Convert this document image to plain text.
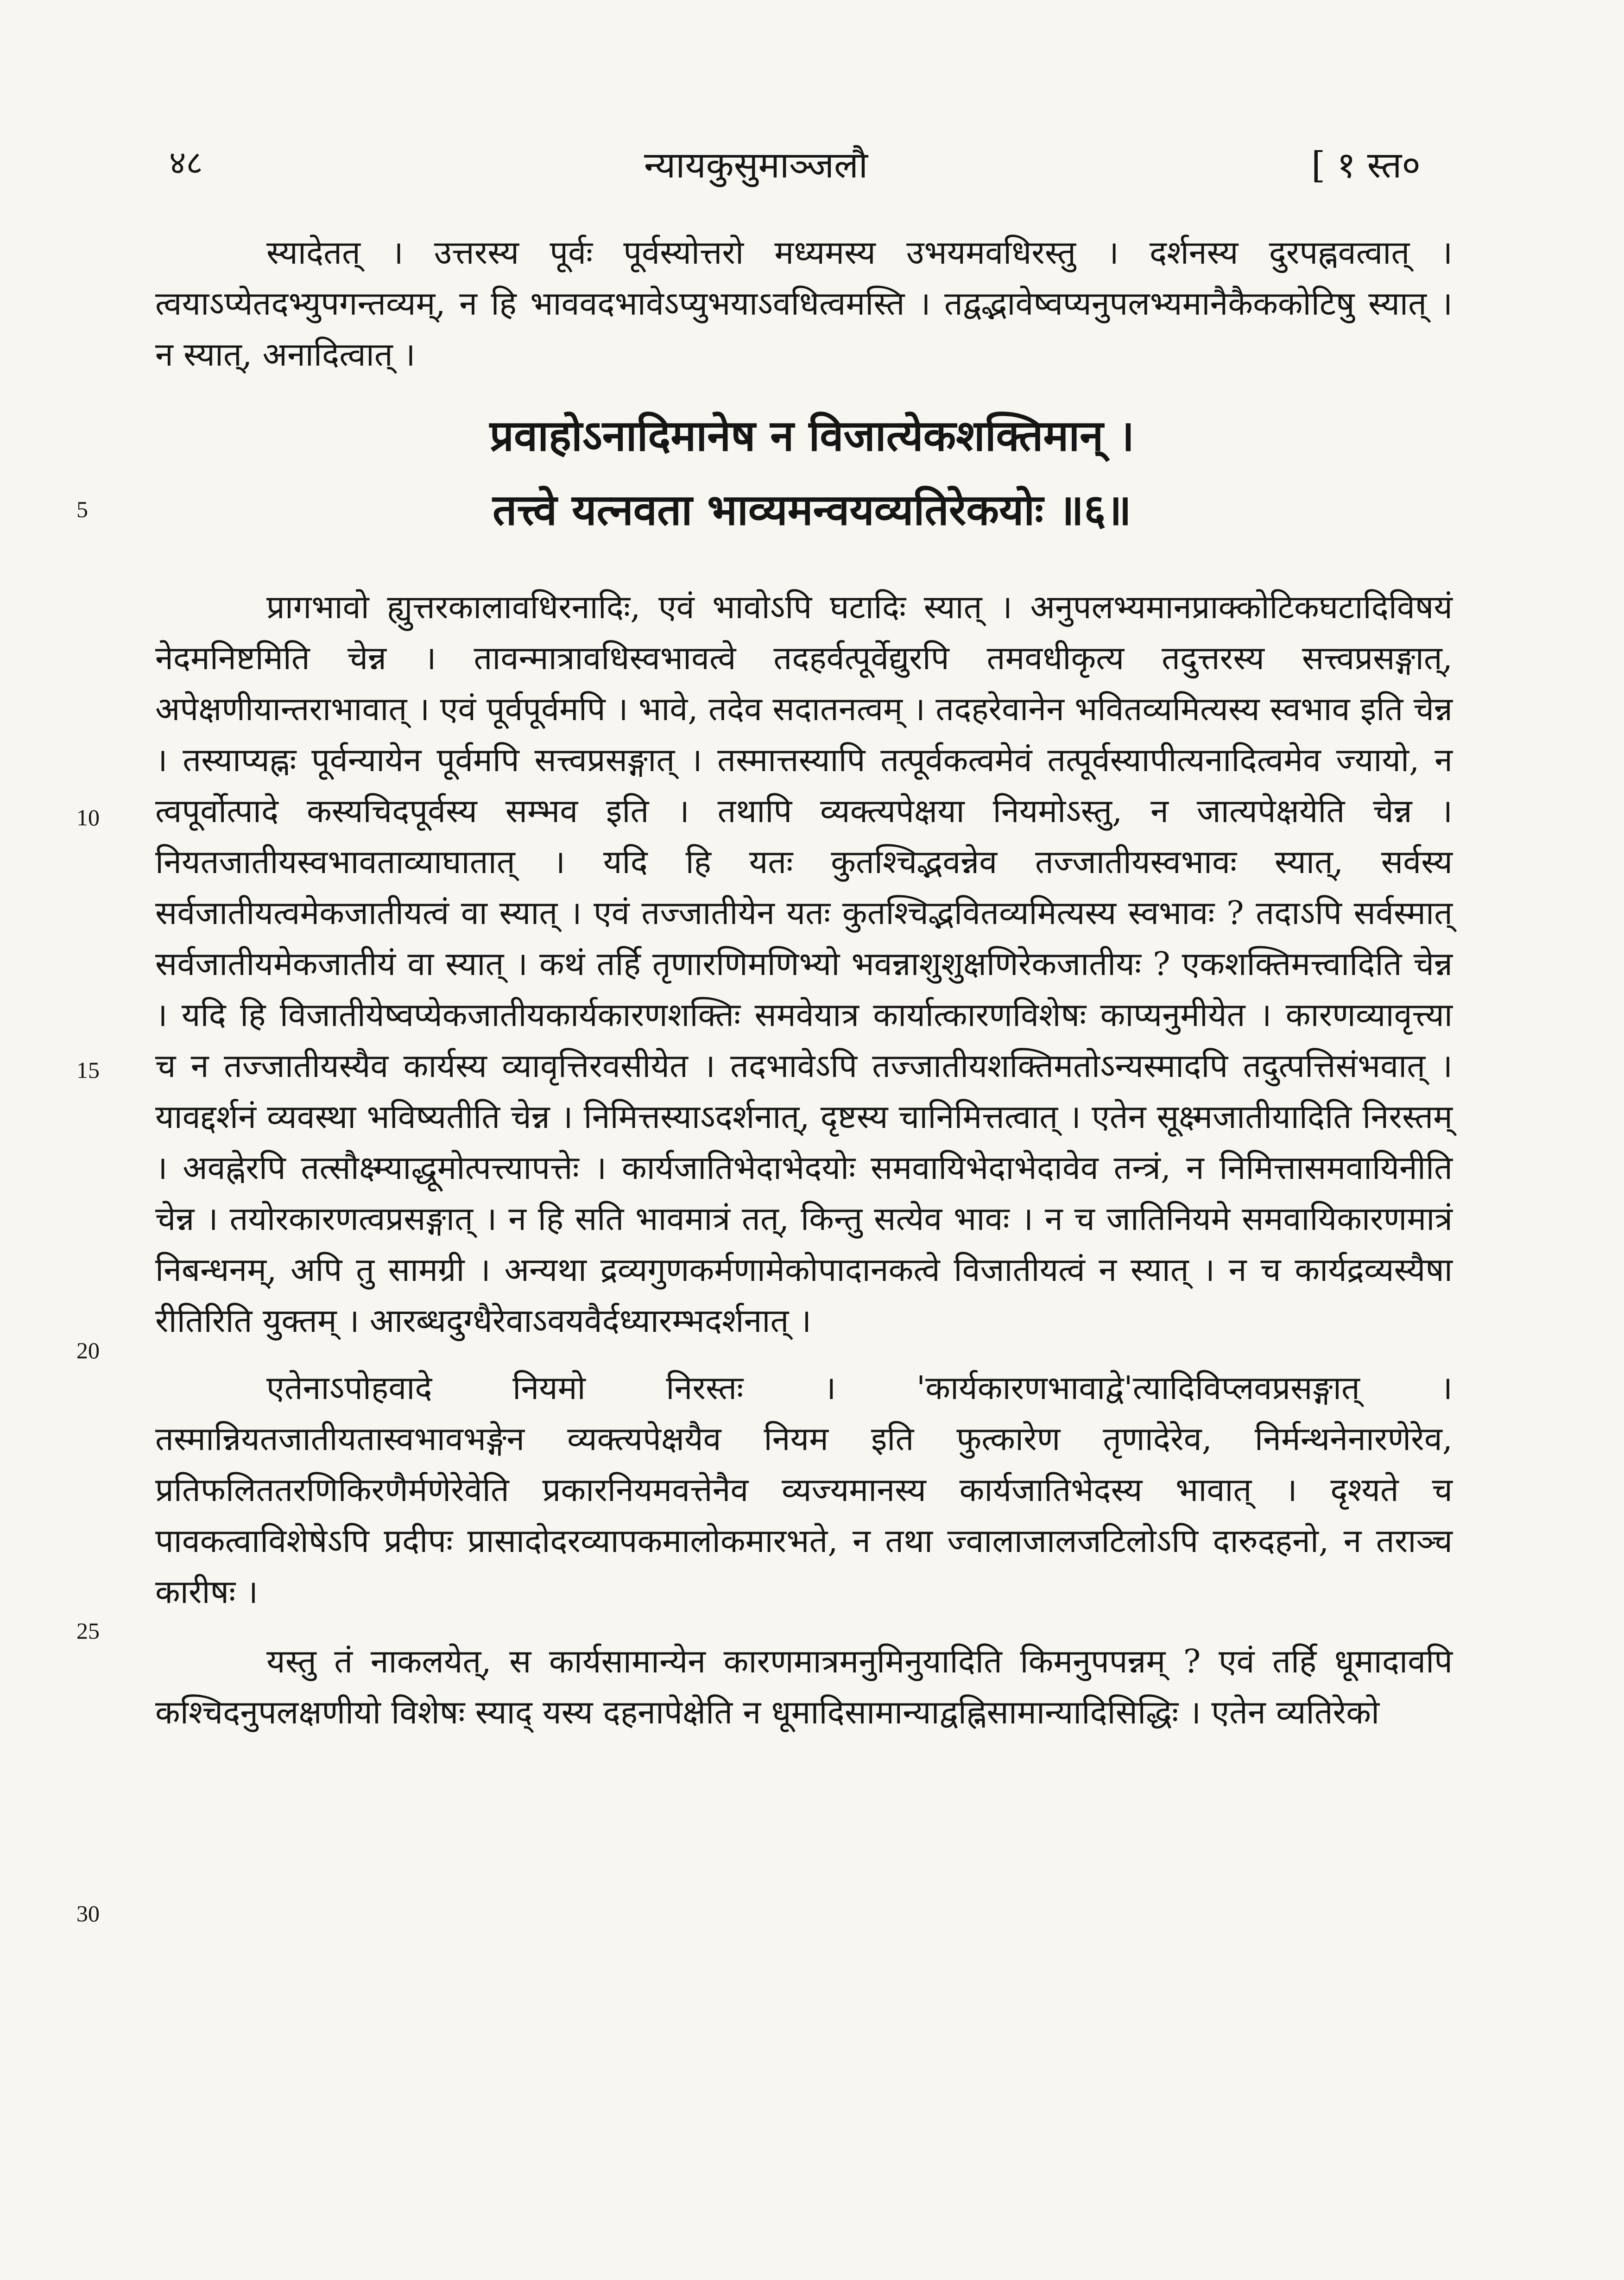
४८	न्यायकुसुमाञ्जलौ	[ १ स्त०

स्यादेतत् । उत्तरस्य पूर्वः पूर्वस्योत्तरो मध्यमस्य उभयमवधिरस्तु । दर्शनस्य दुरपह्नवत्वात् । त्वयाऽप्येतदभ्युपगन्तव्यम्, न हि भाववदभावेऽप्युभयाऽवधित्वमस्ति । तद्वद्भावेष्वप्यनुपलभ्यमानैकैककोटिषु स्यात् । न स्यात्, अनादित्वात् ।

प्रवाहोऽनादिमानेष न विजात्येकशक्तिमान् ।
तत्त्वे यत्नवता भाव्यमन्वयव्यतिरेकयोः ॥६॥

प्रागभावो ह्युत्तरकालावधिरनादिः, एवं भावोऽपि घटादिः स्यात् । अनुपलभ्यमानप्राक्कोटिकघटादिविषयं नेदमनिष्टमिति चेन्न । तावन्मात्रावधिस्वभावत्वे तदहर्वत्पूर्वेद्युरपि तमवधीकृत्य तदुत्तरस्य सत्त्वप्रसङ्गात्, अपेक्षणीयान्तराभावात् । एवं पूर्वपूर्वमपि । भावे, तदेव सदातनत्वम् । तदहरेवानेन भवितव्यमित्यस्य स्वभाव इति चेन्न । तस्याप्यह्नः पूर्वन्यायेन पूर्वमपि सत्त्वप्रसङ्गात् । तस्मात्तस्यापि तत्पूर्वकत्वमेवं तत्पूर्वस्यापीत्यनादित्वमेव ज्यायो, न त्वपूर्वोत्पादे कस्यचिदपूर्वस्य सम्भव इति । तथापि व्यक्त्यपेक्षया नियमोऽस्तु, न जात्यपेक्षयेति चेन्न । नियतजातीयस्वभावताव्याघातात् । यदि हि यतः कुतश्चिद्भवन्नेव तज्जातीयस्वभावः स्यात्, सर्वस्य सर्वजातीयत्वमेकजातीयत्वं वा स्यात् । एवं तज्जातीयेन यतः कुतश्चिद्भवितव्यमित्यस्य स्वभावः ? तदाऽपि सर्वस्मात् सर्वजातीयमेकजातीयं वा स्यात् । कथं तर्हि तृणारणिमणिभ्यो भवन्नाशुशुक्षणिरेकजातीयः ? एकशक्तिमत्त्वादिति चेन्न । यदि हि विजातीयेष्वप्येकजातीयकार्यकारणशक्तिः समवेयात्र कार्यात्कारणविशेषः काप्यनुमीयेत । कारणव्यावृत्त्या च न तज्जातीयस्यैव कार्यस्य व्यावृत्तिरवसीयेत । तदभावेऽपि तज्जातीयशक्तिमतोऽन्यस्मादपि तदुत्पत्तिसंभवात् । यावद्दर्शनं व्यवस्था भविष्यतीति चेन्न । निमित्तस्याऽदर्शनात्, दृष्टस्य चानिमित्तत्वात् । एतेन सूक्ष्मजातीयादिति निरस्तम् । अवह्नेरपि तत्सौक्ष्म्याद्धूमोत्पत्त्यापत्तेः । कार्यजातिभेदाभेदयोः समवायिभेदाभेदावेव तन्त्रं, न निमित्तासमवायिनीति चेन्न । तयोरकारणत्वप्रसङ्गात् । न हि सति भावमात्रं तत्, किन्तु सत्येव भावः । न च जातिनियमे समवायिकारणमात्रं निबन्धनम्, अपि तु सामग्री । अन्यथा द्रव्यगुणकर्मणामेकोपादानकत्वे विजातीयत्वं न स्यात् । न च कार्यद्रव्यस्यैषा रीतिरिति युक्तम् । आरब्धदुग्धैरेवाऽवयवैर्दध्यारम्भदर्शनात् ।

एतेनाऽपोहवादे नियमो निरस्तः । 'कार्यकारणभावाद्वे'त्यादिविप्लवप्रसङ्गात् । तस्मान्नियतजातीयतास्वभावभङ्गेन व्यक्त्यपेक्षयैव नियम इति फुत्कारेण तृणादेरेव, निर्मन्थनेनारणेरेव, प्रतिफलिततरणिकिरणैर्मणेरेवेति प्रकारनियमवत्तेनैव व्यज्यमानस्य कार्यजातिभेदस्य भावात् । दृश्यते च पावकत्वाविशेषेऽपि प्रदीपः प्रासादोदरव्यापकमालोकमारभते, न तथा ज्वालाजालजटिलोऽपि दारुदहनो, न तराञ्च कारीषः ।

यस्तु तं नाकलयेत्, स कार्यसामान्येन कारणमात्रमनुमिनुयादिति किमनुपपन्नम् ? एवं तर्हि धूमादावपि कश्चिदनुपलक्षणीयो विशेषः स्याद् यस्य दहनापेक्षेति न धूमादिसामान्याद्वह्निसामान्यादिसिद्धिः । एतेन व्यतिरेको

5
10
15
20
25
30
